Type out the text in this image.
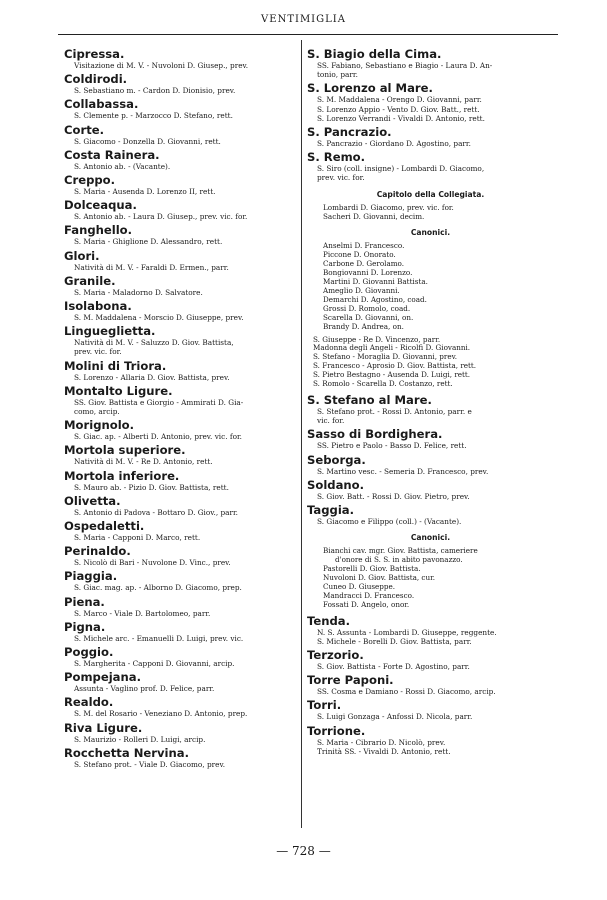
VENTIMIGLIA
Cipressa.
Visitazione di M. V. - Nuvoloni D. Giusep., prev.
Coldirodi.
S. Sebastiano m. - Cardon D. Dionisio, prev.
Collabassa.
S. Clemente p. - Marzocco D. Stefano, rett.
Corte.
S. Giacomo - Donzella D. Giovanni, rett.
Costa Rainera.
S. Antonio ab. - (Vacante).
Creppo.
S. Maria - Ausenda D. Lorenzo II, rett.
Dolceaqua.
S. Antonio ab. - Laura D. Giusep., prev. vic. for.
Fanghello.
S. Maria - Ghiglione D. Alessandro, rett.
Glori.
Natività di M. V. - Faraldi D. Ermen., parr.
Granile.
S. Maria - Maladorno D. Salvatore.
Isolabona.
S. M. Maddalena - Morscio D. Giuseppe, prev.
Lingueglietta.
Natività di M. V. - Saluzzo D. Giov. Battista,
prev. vic. for.
Molini di Triora.
S. Lorenzo - Allaria D. Giov. Battista, prev.
Montalto Ligure.
SS. Giov. Battista e Giorgio - Ammirati D. Gia-
como, arcip.
Morignolo.
S. Giac. ap. - Alberti D. Antonio, prev. vic. for.
Mortola superiore.
Natività di M. V. - Re D. Antonio, rett.
Mortola inferiore.
S. Mauro ab. - Pizio D. Giov. Battista, rett.
Olivetta.
S. Antonio di Padova - Bottaro D. Giov., parr.
Ospedaletti.
S. Maria - Capponi D. Marco, rett.
Perinaldo.
S. Nicolò di Bari - Nuvolone D. Vinc., prev.
Piaggia.
S. Giac. mag. ap. - Alborno D. Giacomo, prep.
Piena.
S. Marco - Viale D. Bartolomeo, parr.
Pigna.
S. Michele arc. - Emanuelli D. Luigi, prev. vic.
Poggio.
S. Margherita - Capponi D. Giovanni, arcip.
Pompejana.
Assunta - Vaglino prof. D. Felice, parr.
Realdo.
S. M. del Rosario - Veneziano D. Antonio, prep.
Riva Ligure.
S. Maurizio - Rolleri D. Luigi, arcip.
Rocchetta Nervina.
S. Stefano prot. - Viale D. Giacomo, prev.
S. Biagio della Cima.
SS. Fabiano, Sebastiano e Biagio - Laura D. An-
tonio, parr.
S. Lorenzo al Mare.
S. M. Maddalena - Orengo D. Giovanni, parr.
S. Lorenzo Appio - Vento D. Giov. Batt., rett.
S. Lorenzo Verrandi - Vivaldi D. Antonio, rett.
S. Pancrazio.
S. Pancrazio - Giordano D. Agostino, parr.
S. Remo.
S. Siro (coll. insigne) - Lombardi D. Giacomo,
prev. vic. for.
Capitolo della Collegiata.
Lombardi D. Giacomo, prev. vic. for.
Sacheri D. Giovanni, decim.
Canonici.
Anselmi D. Francesco.
Piccone D. Onorato.
Carbone D. Gerolamo.
Bongiovanni D. Lorenzo.
Martini D. Giovanni Battista.
Ameglio D. Giovanni.
Demarchi D. Agostino, coad.
Grossi D. Romolo, coad.
Scarella D. Giovanni, on.
Brandy D. Andrea, on.
S. Giuseppe - Re D. Vincenzo, parr.
Madonna degli Angeli - Ricolfi D. Giovanni.
S. Stefano - Moraglia D. Giovanni, prev.
S. Francesco - Aprosio D. Giov. Battista, rett.
S. Pietro Bestagno - Ausenda D. Luigi, rett.
S. Romolo - Scarella D. Costanzo, rett.
S. Stefano al Mare.
S. Stefano prot. - Rossi D. Antonio, parr. e
vic. for.
Sasso di Bordighera.
SS. Pietro e Paolo - Basso D. Felice, rett.
Seborga.
S. Martino vesc. - Semeria D. Francesco, prev.
Soldano.
S. Giov. Batt. - Rossi D. Giov. Pietro, prev.
Taggia.
S. Giacomo e Filippo (coll.) - (Vacante).
Canonici.
Bianchi cav. mgr. Giov. Battista, cameriere
d'onore di S. S. in abito pavonazzo.
Pastorelli D. Giov. Battista.
Nuvoloni D. Giov. Battista, cur.
Cuneo D. Giuseppe.
Mandracci D. Francesco.
Fossati D. Angelo, onor.
Tenda.
N. S. Assunta - Lombardi D. Giuseppe, reggente.
S. Michele - Borelli D. Giov. Battista, parr.
Terzorio.
S. Giov. Battista - Forte D. Agostino, parr.
Torre Paponi.
SS. Cosma e Damiano - Rossi D. Giacomo, arcip.
Torri.
S. Luigi Gonzaga - Anfossi D. Nicola, parr.
Torrione.
S. Maria - Cibrario D. Nicolò, prev.
Trinità SS. - Vivaldi D. Antonio, rett.
— 728 —
